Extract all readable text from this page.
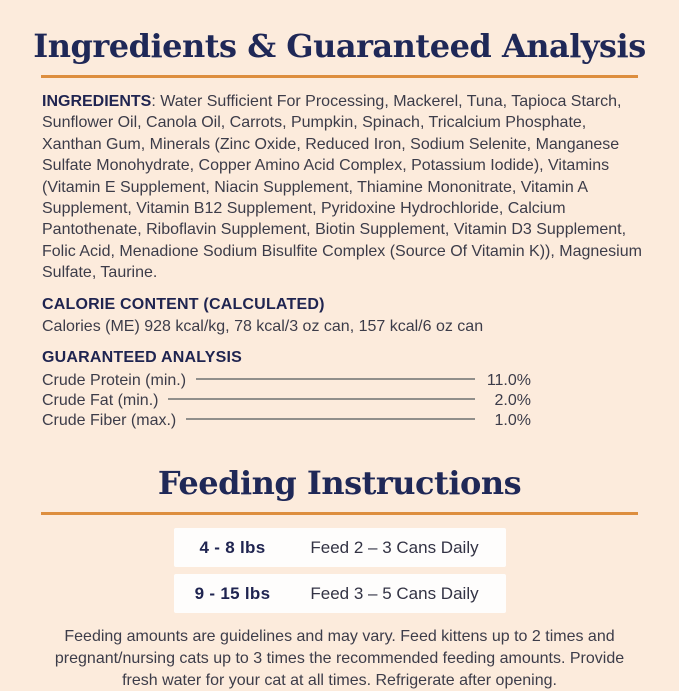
Ingredients & Guaranteed Analysis

INGREDIENTS: Water Sufficient For Processing, Mackerel, Tuna, Tapioca Starch, Sunflower Oil, Canola Oil, Carrots, Pumpkin, Spinach, Tricalcium Phosphate, Xanthan Gum, Minerals (Zinc Oxide, Reduced Iron, Sodium Selenite, Manganese Sulfate Monohydrate, Copper Amino Acid Complex, Potassium Iodide), Vitamins (Vitamin E Supplement, Niacin Supplement, Thiamine Mononitrate, Vitamin A Supplement, Vitamin B12 Supplement, Pyridoxine Hydrochloride, Calcium Pantothenate, Riboflavin Supplement, Biotin Supplement, Vitamin D3 Supplement, Folic Acid, Menadione Sodium Bisulfite Complex (Source Of Vitamin K)), Magnesium Sulfate, Taurine.

CALORIE CONTENT (CALCULATED)
Calories (ME) 928 kcal/kg, 78 kcal/3 oz can, 157 kcal/6 oz can
GUARANTEED ANALYSIS
Crude Protein (min.)	11.0%
Crude Fat (min.)	2.0%
Crude Fiber (max.)	1.0%
Feeding Instructions
4 - 8 lbs	Feed 2 – 3 Cans Daily
9 - 15 lbs	Feed 3 – 5 Cans Daily

Feeding amounts are guidelines and may vary. Feed kittens up to 2 times and pregnant/nursing cats up to 3 times the recommended feeding amounts. Provide fresh water for your cat at all times. Refrigerate after opening.
